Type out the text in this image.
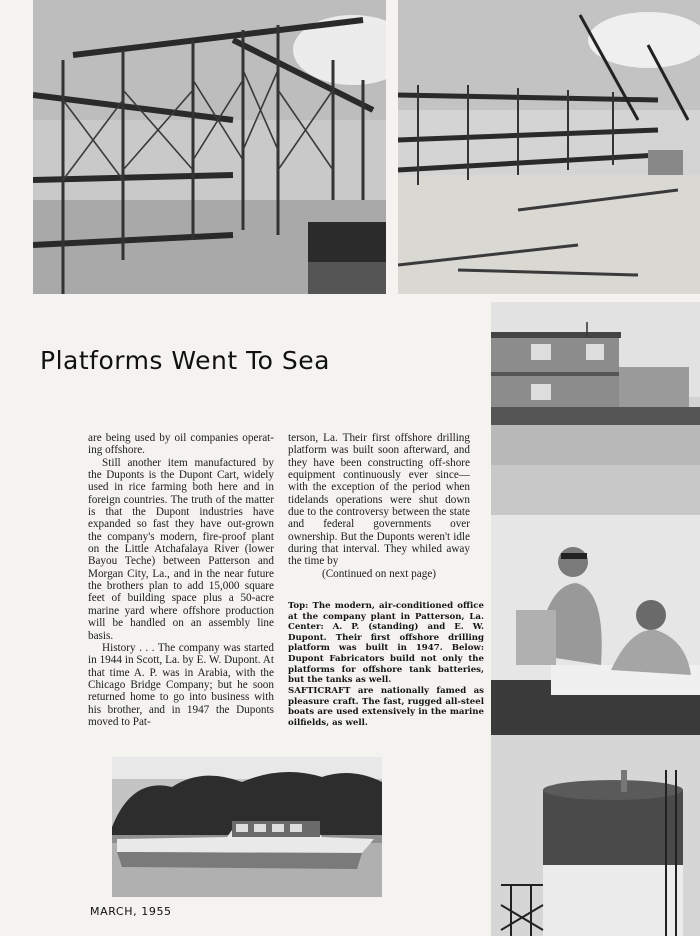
Platforms Went To Sea

are being used by oil companies operat-ing offshore.

Still another item manufactured by the Duponts is the Dupont Cart, widely used in rice farming both here and in foreign countries. The truth of the matter is that the Dupont industries have expanded so fast they have out-grown the company's modern, fire-proof plant on the Little Atchafalaya River (lower Bayou Teche) between Patterson and Morgan City, La., and in the near future the brothers plan to add 15,000 square feet of building space plus a 50-acre marine yard where offshore production will be handled on an assembly line basis.

History . . . The company was started in 1944 in Scott, La. by E. W. Dupont. At that time A. P. was in Arabia, with the Chicago Bridge Company; but he soon returned home to go into business with his brother, and in 1947 the Duponts moved to Pat-

terson, La. Their first offshore drilling platform was built soon afterward, and they have been constructing off-shore equipment continuously ever since—with the exception of the period when tidelands operations were shut down due to the controversy between the state and federal governments over ownership. But the Duponts weren't idle during that interval. They whiled away the time by

(Continued on next page)

Top: The modern, air-conditioned office at the company plant in Patterson, La. Center: A. P. (standing) and E. W. Dupont. Their first offshore drilling platform was built in 1947. Below: Dupont Fabricators build not only the platforms for offshore tank batteries, but the tanks as well.
SAFTICRAFT are nationally famed as pleasure craft. The fast, rugged all-steel boats are used extensively in the marine oilfields, as well.
MARCH, 1955
